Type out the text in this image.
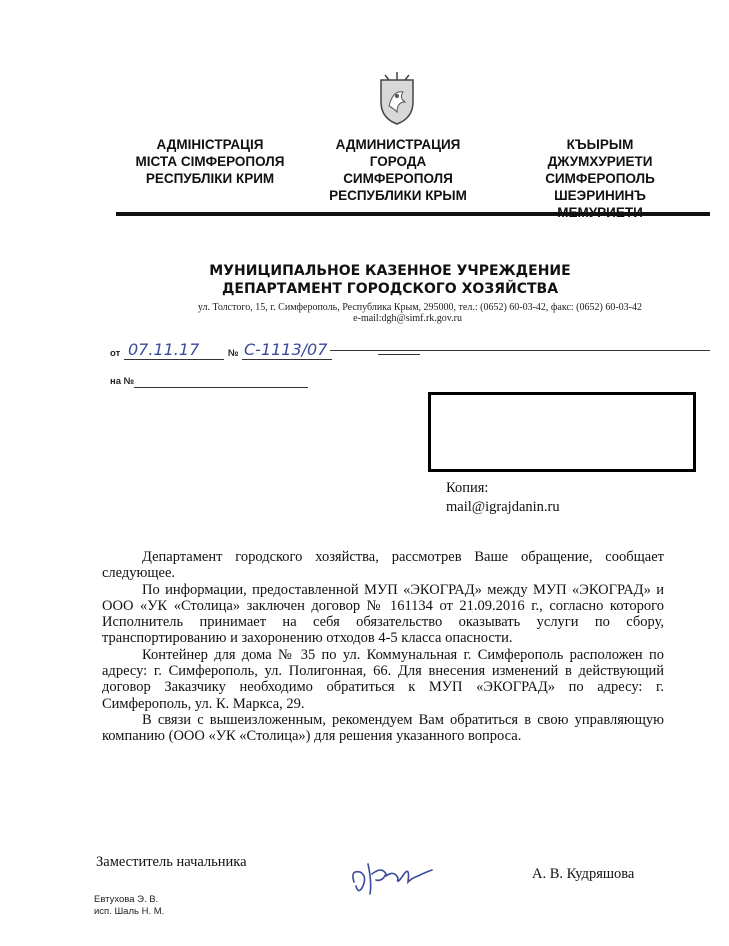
АДМІНІСТРАЦІЯ
МІСТА СІМФЕРОПОЛЯ
РЕСПУБЛІКИ КРИМ
АДМИНИСТРАЦИЯ
ГОРОДА
СИМФЕРОПОЛЯ
РЕСПУБЛИКИ КРЫМ
КЪЫРЫМ
ДЖУМХУРИЕТИ
СИМФЕРОПОЛЬ
ШЕЭРИНИНЪ
МУНИЦИПАЛЬНОЕ КАЗЕННОЕ УЧРЕЖДЕНИЕ
ДЕПАРТАМЕНТ ГОРОДСКОГО ХОЗЯЙСТВА
ул. Толстого, 15, г. Симферополь, Республика Крым, 295000, тел.: (0652) 60-03-42, факс: (0652) 60-03-42
e-mail:dgh@simf.rk.gov.ru
от 07.11.17	№ С-1113/07
на №
Копия:
mail@igrajdanin.ru

Департамент городского хозяйства, рассмотрев Ваше обращение, сообщает следующее.

По информации, предоставленной МУП «ЭКОГРАД» между МУП «ЭКОГРАД» и ООО «УК «Столица» заключен договор № 161134 от 21.09.2016 г., согласно которого Исполнитель принимает на себя обязательство оказывать услуги по сбору, транспортированию и захоронению отходов 4-5 класса опасности.

Контейнер для дома № 35 по ул. Коммунальная г. Симферополь расположен по адресу: г. Симферополь, ул. Полигонная, 66. Для внесения изменений в действующий договор Заказчику необходимо обратиться к МУП «ЭКОГРАД» по адресу: г. Симферополь, ул. К. Маркса, 29.

В связи с вышеизложенным, рекомендуем Вам обратиться в свою управляющую компанию (ООО «УК «Столица») для решения указанного вопроса.

Заместитель начальника
А. В. Кудряшова
Евтухова Э. В.
исп. Шаль Н. М.
